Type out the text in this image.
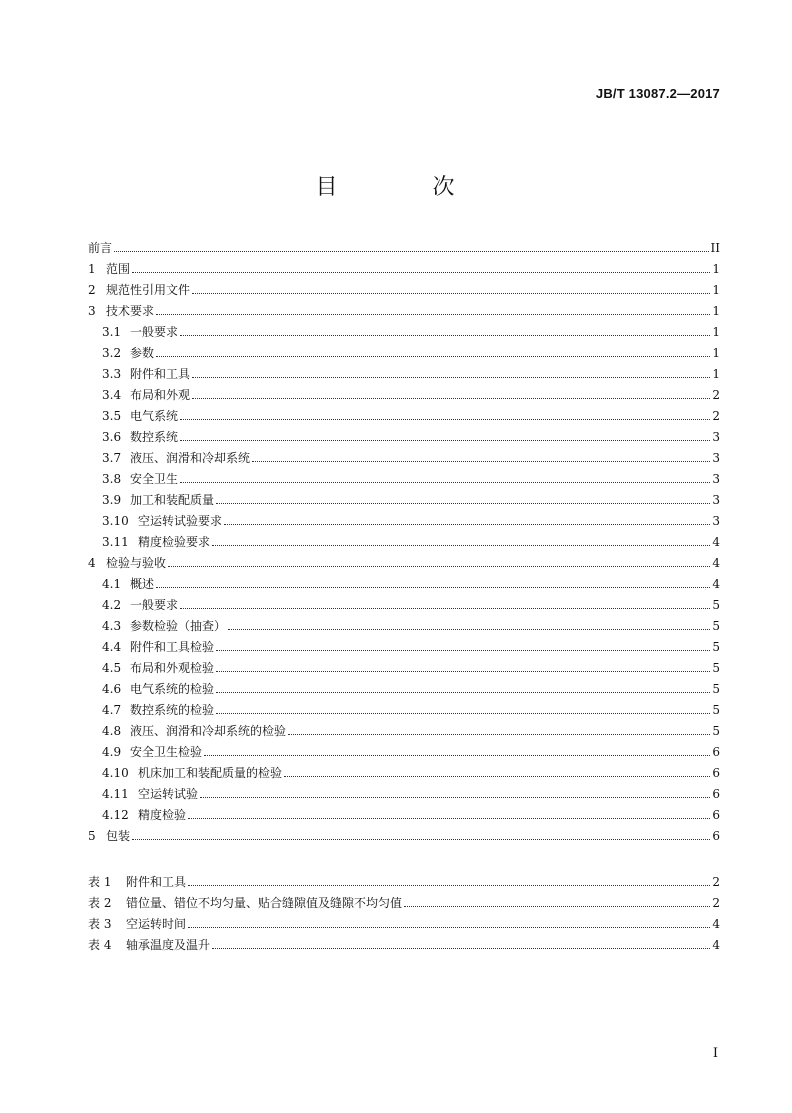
JB/T 13087.2—2017
目 次
前言	II
1 范围	1
2 规范性引用文件	1
3 技术要求	1
3.1 一般要求	1
3.2 参数	1
3.3 附件和工具	1
3.4 布局和外观	2
3.5 电气系统	2
3.6 数控系统	3
3.7 液压、润滑和冷却系统	3
3.8 安全卫生	3
3.9 加工和装配质量	3
3.10 空运转试验要求	3
3.11 精度检验要求	4
4 检验与验收	4
4.1 概述	4
4.2 一般要求	5
4.3 参数检验（抽查）	5
4.4 附件和工具检验	5
4.5 布局和外观检验	5
4.6 电气系统的检验	5
4.7 数控系统的检验	5
4.8 液压、润滑和冷却系统的检验	5
4.9 安全卫生检验	6
4.10 机床加工和装配质量的检验	6
4.11 空运转试验	6
4.12 精度检验	6
5 包装	6
表 1	附件和工具	2
表 2	错位量、错位不均匀量、贴合缝隙值及缝隙不均匀值	2
表 3	空运转时间	4
表 4	轴承温度及温升	4
I
